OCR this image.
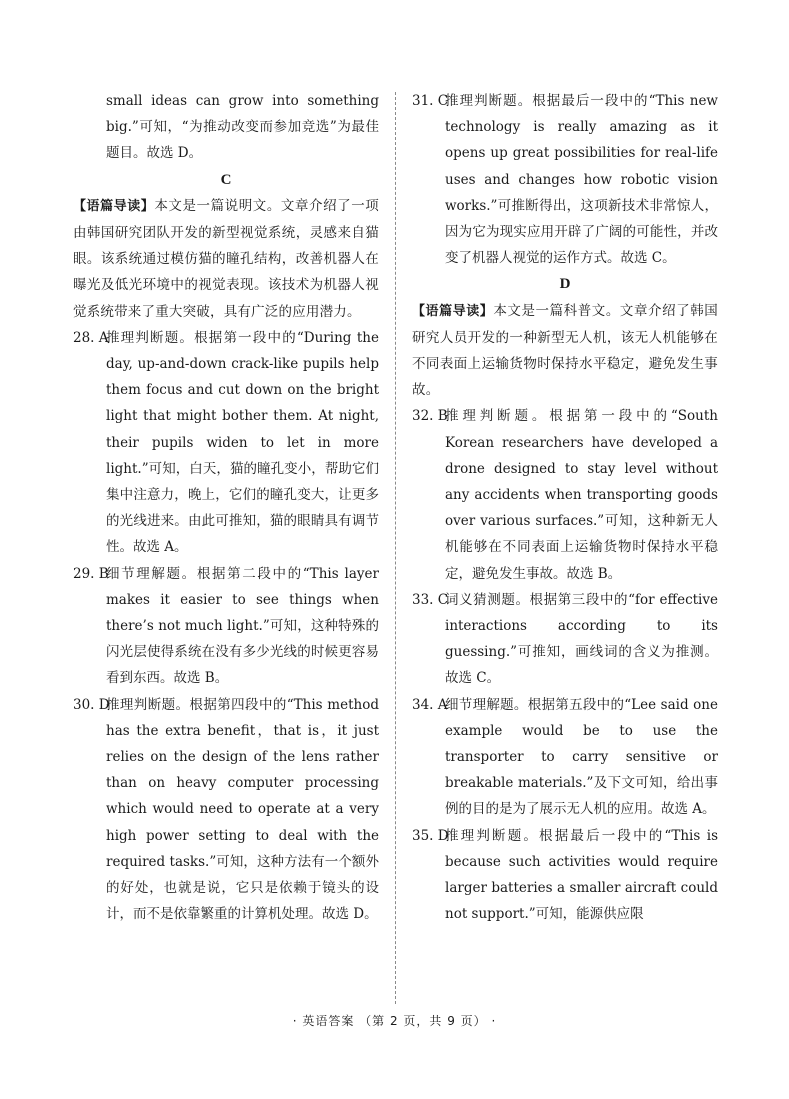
small ideas can grow into something big.”可知，“为推动改变而参加竞选”为最佳题目。故选 D。

C

【语篇导读】本文是一篇说明文。文章介绍了一项由韩国研究团队开发的新型视觉系统，灵感来自猫眼。该系统通过模仿猫的瞳孔结构，改善机器人在曝光及低光环境中的视觉表现。该技术为机器人视觉系统带来了重大突破，具有广泛的应用潜力。

28. A
推理判断题。根据第一段中的“During the day, up-and-down crack-like pupils help them focus and cut down on the bright light that might bother them. At night, their pupils widen to let in more light.”可知，白天，猫的瞳孔变小，帮助它们集中注意力，晚上，它们的瞳孔变大，让更多的光线进来。由此可推知，猫的眼睛具有调节性。故选 A。
29. B
细节理解题。根据第二段中的“This layer makes it easier to see things when there’s not much light.”可知，这种特殊的闪光层使得系统在没有多少光线的时候更容易看到东西。故选 B。
30. D
推理判断题。根据第四段中的“This method has the extra benefit，that is，it just relies on the design of the lens rather than on heavy computer processing which would need to operate at a very high power setting to deal with the required tasks.”可知，这种方法有一个额外的好处，也就是说，它只是依赖于镜头的设计，而不是依靠繁重的计算机处理。故选 D。
31. C
推理判断题。根据最后一段中的“This new technology is really amazing as it opens up great possibilities for real-life uses and changes how robotic vision works.”可推断得出，这项新技术非常惊人，因为它为现实应用开辟了广阔的可能性，并改变了机器人视觉的运作方式。故选 C。

D

【语篇导读】本文是一篇科普文。文章介绍了韩国研究人员开发的一种新型无人机，该无人机能够在不同表面上运输货物时保持水平稳定，避免发生事故。

32. B
推理判断题。根据第一段中的“South Korean researchers have developed a drone designed to stay level without any accidents when transporting goods over various surfaces.”可知，这种新无人机能够在不同表面上运输货物时保持水平稳定，避免发生事故。故选 B。
33. C
词义猜测题。根据第三段中的“for effective interactions according to its guessing.”可推知，画线词的含义为推测。故选 C。
34. A
细节理解题。根据第五段中的“Lee said one example would be to use the transporter to carry sensitive or breakable materials.”及下文可知，给出事例的目的是为了展示无人机的应用。故选 A。
35. D
推理判断题。根据最后一段中的“This is because such activities would require larger batteries a smaller aircraft could not support.”可知，能源供应限
· 英语答案 （第 2 页，共 9 页） ·
